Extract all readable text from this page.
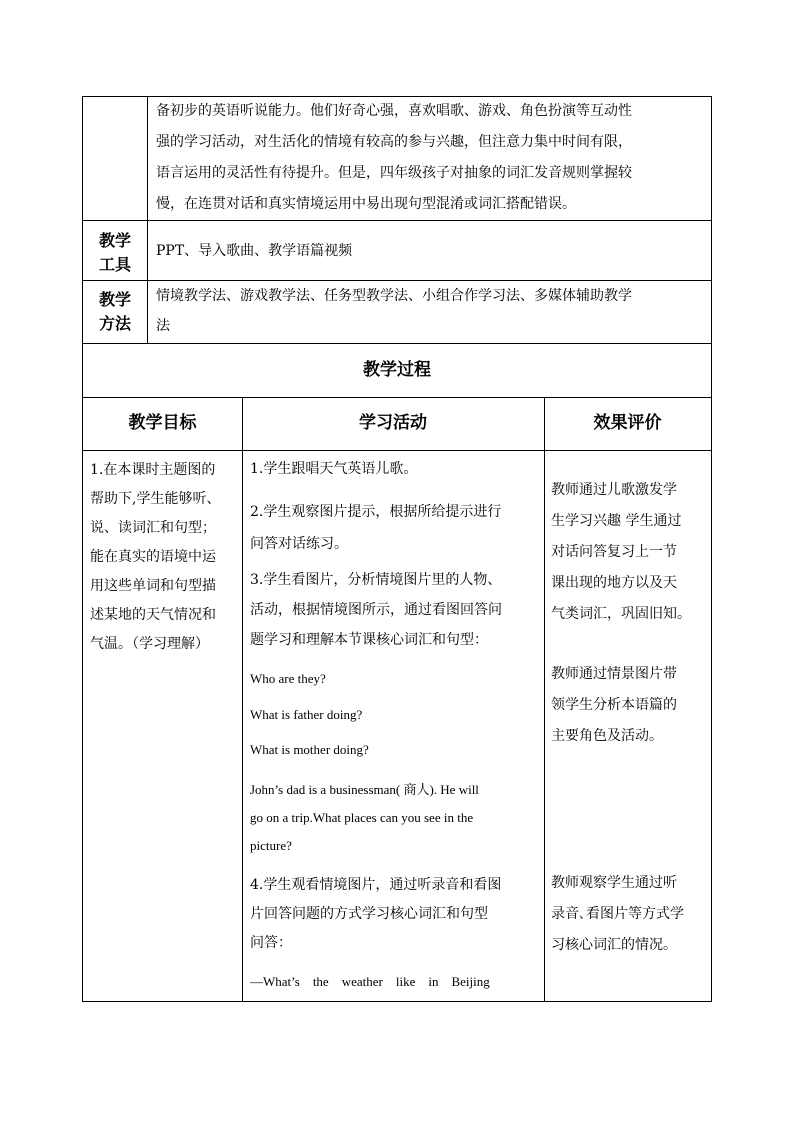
备初步的英语听说能力。他们好奇心强，喜欢唱歌、游戏、角色扮演等互动性
强的学习活动，对生活化的情境有较高的参与兴趣，但注意力集中时间有限，
语言运用的灵活性有待提升。但是，四年级孩子对抽象的词汇发音规则掌握较
慢，在连贯对话和真实情境运用中易出现句型混淆或词汇搭配错误。
教学
工具
PPT、导入歌曲、教学语篇视频
教学
方法
情境教学法、游戏教学法、任务型教学法、小组合作学习法、多媒体辅助教学
法
教学过程
教学目标	学习活动	效果评价
1.在本课时主题图的
帮助下,学生能够听、
说、读词汇和句型；
能在真实的语境中运
用这些单词和句型描
述某地的天气情况和
气温。（学习理解）
1.学生跟唱天气英语儿歌。
2.学生观察图片提示，根据所给提示进行
问答对话练习。
3.学生看图片，分析情境图片里的人物、
活动，根据情境图所示，通过看图回答问
题学习和理解本节课核心词汇和句型：
Who are they?
What is father doing?
What is mother doing?
John’s dad is a businessman( 商人). He will
go on a trip.What places can you see in the
picture?
4.学生观看情境图片，通过听录音和看图
片回答问题的方式学习核心词汇和句型
问答：
—What’s    the    weather    like    in    Beijing
教师通过儿歌激发学
生学习兴趣 学生通过
对话问答复习上一节
课出现的地方以及天
气类词汇，巩固旧知。
教师通过情景图片带
领学生分析本语篇的
主要角色及活动。
教师观察学生通过听
录音､看图片等方式学
习核心词汇的情况。
